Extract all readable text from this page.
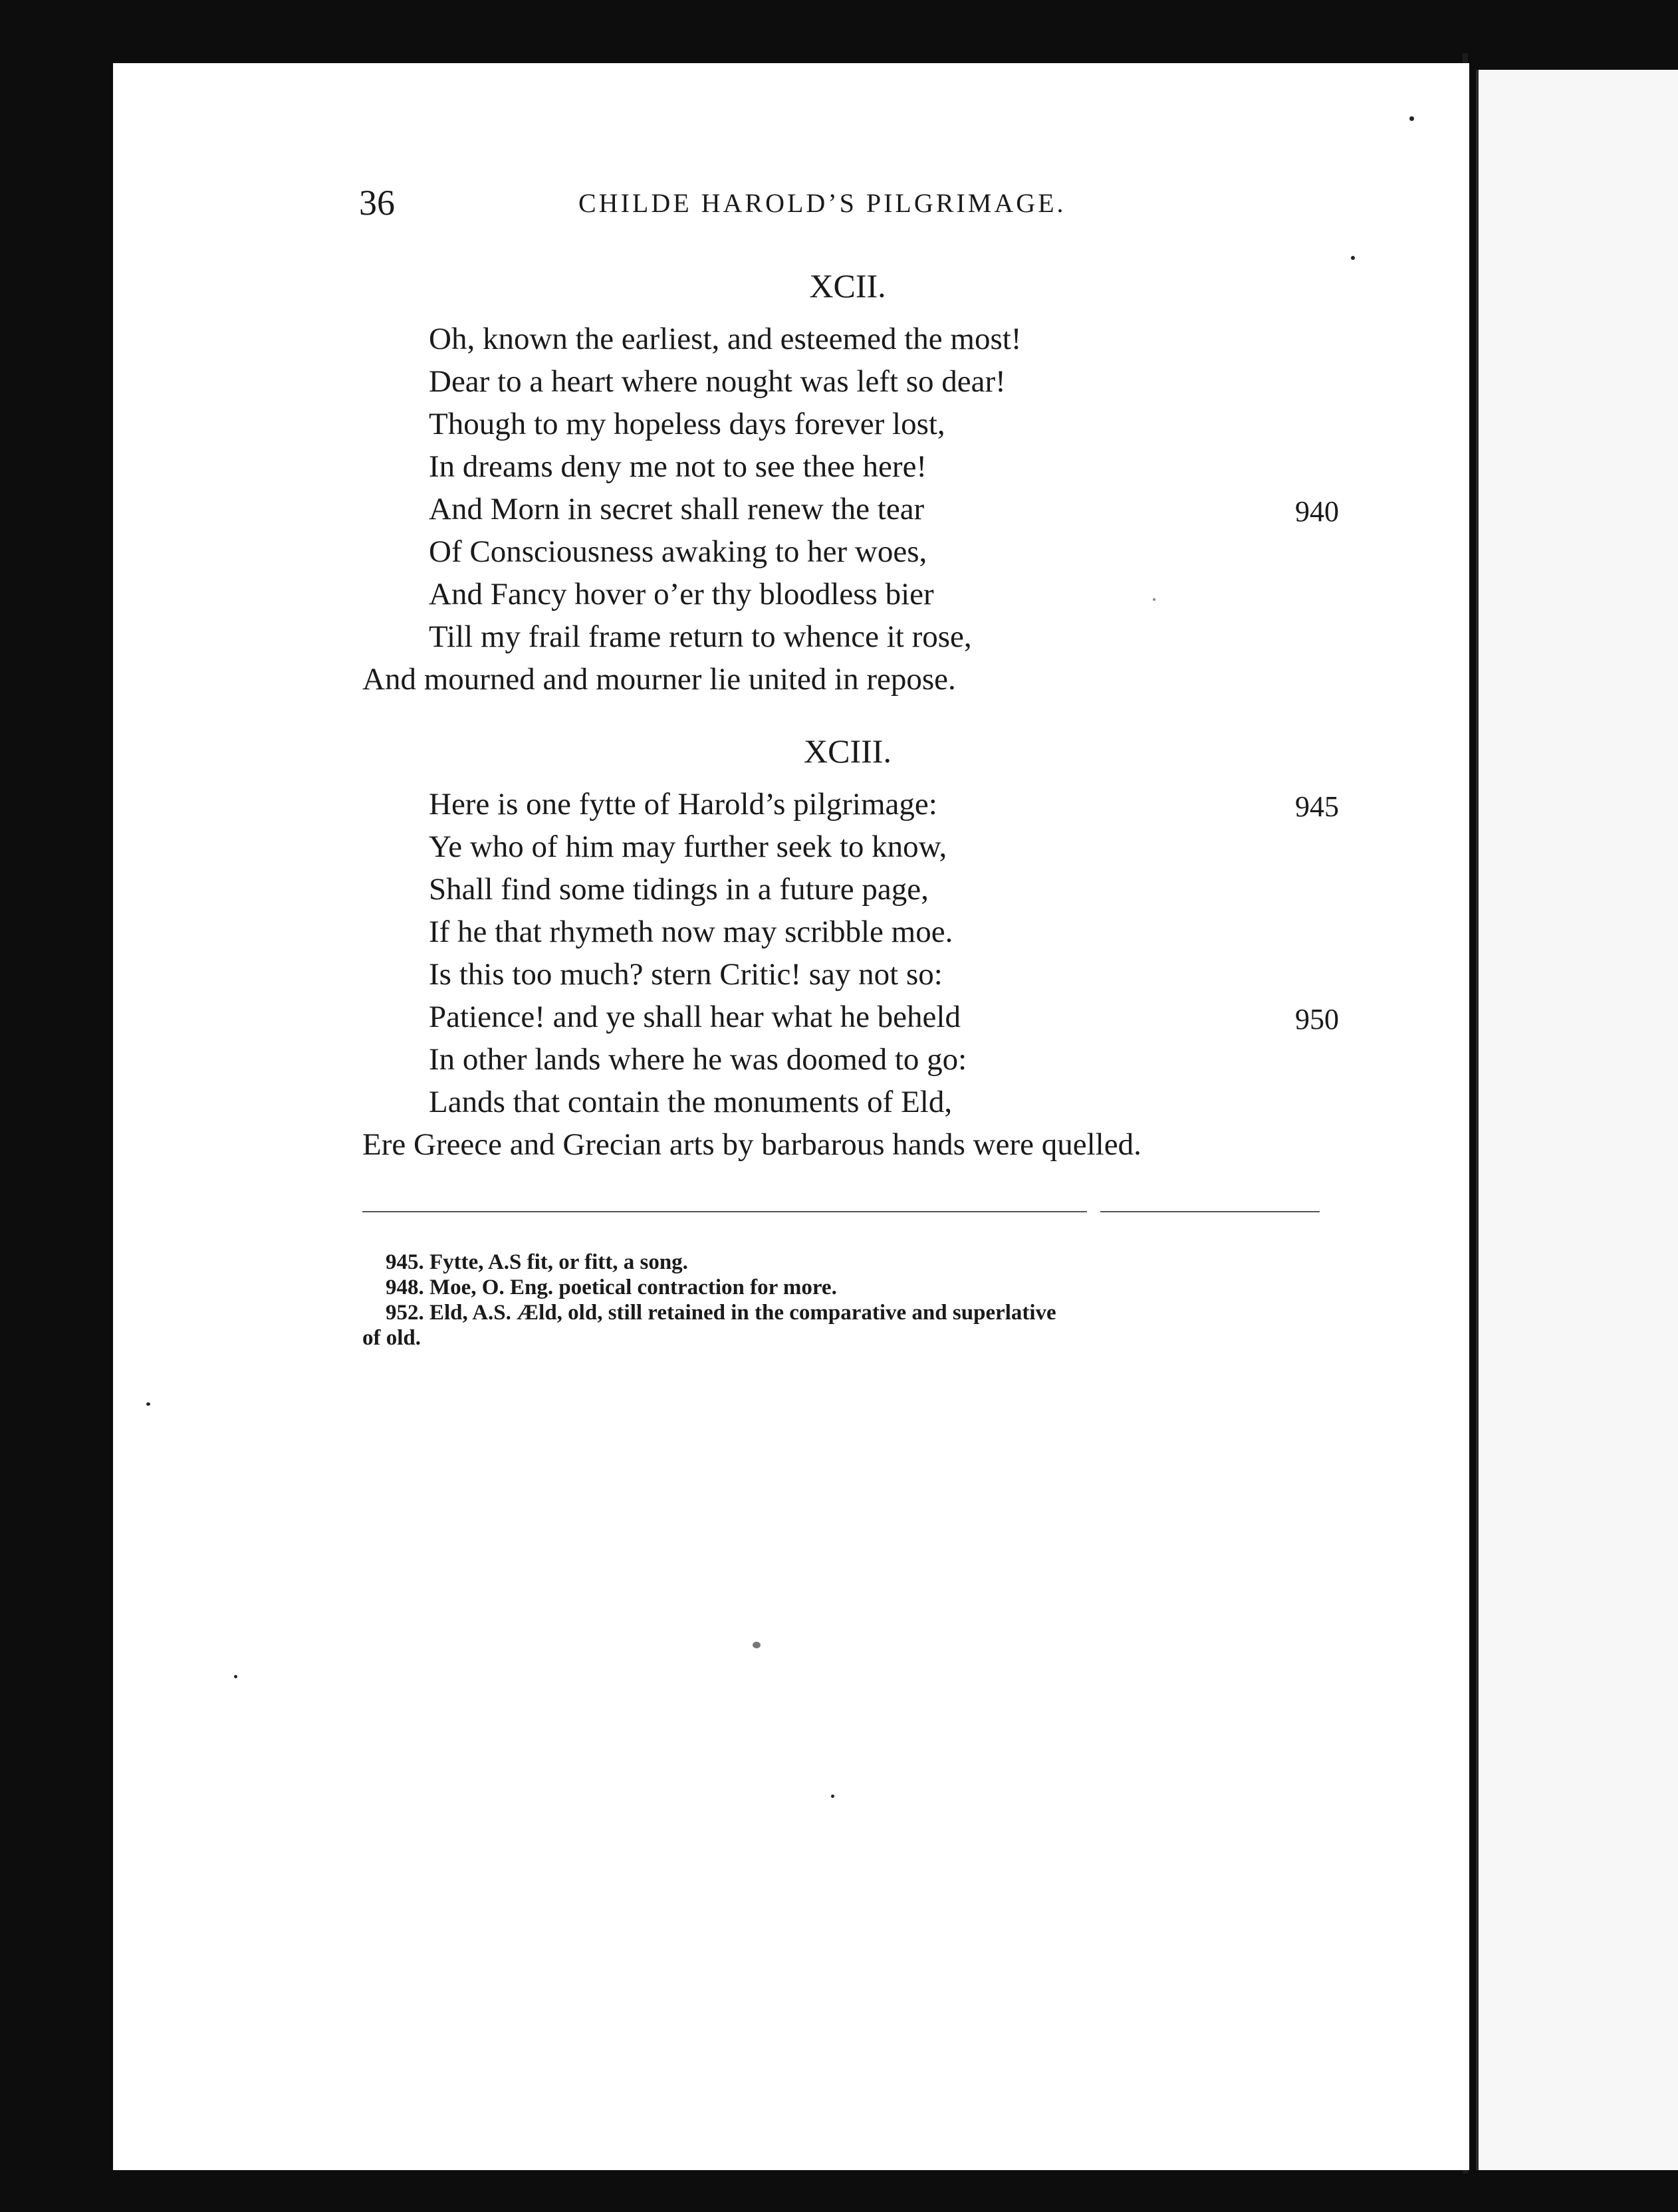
36	CHILDE HAROLD’S PILGRIMAGE.
XCII.
Oh, known the earliest, and esteemed the most!
Dear to a heart where nought was left so dear!
Though to my hopeless days forever lost,
In dreams deny me not to see thee here!
And Morn in secret shall renew the tear	940
Of Consciousness awaking to her woes,
And Fancy hover o’er thy bloodless bier
Till my frail frame return to whence it rose,
And mourned and mourner lie united in repose.
XCIII.
Here is one fytte of Harold’s pilgrimage:	945
Ye who of him may further seek to know,
Shall find some tidings in a future page,
If he that rhymeth now may scribble moe.
Is this too much? stern Critic! say not so:
Patience! and ye shall hear what he beheld	950
In other lands where he was doomed to go:
Lands that contain the monuments of Eld,
Ere Greece and Grecian arts by barbarous hands were quelled.
945. Fytte, A.S fit, or fitt, a song.
948. Moe, O. Eng. poetical contraction for more.
952. Eld, A.S. Æld, old, still retained in the comparative and superlative
of old.
